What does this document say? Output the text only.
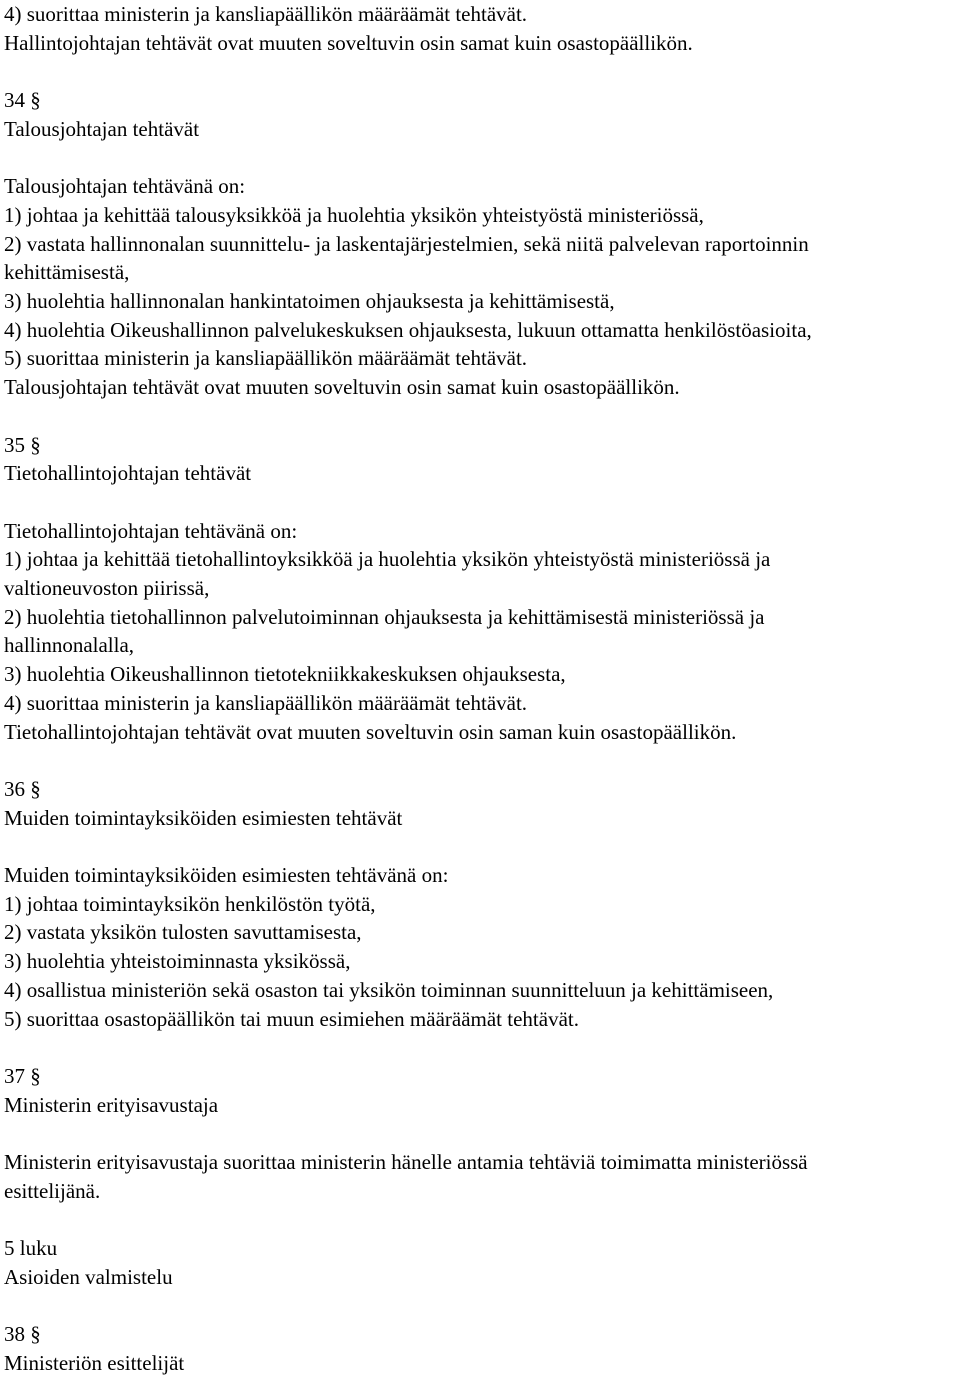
4) suorittaa ministerin ja kansliapäällikön määräämät tehtävät.
Hallintojohtajan tehtävät ovat muuten soveltuvin osin samat kuin osastopäällikön.
34 §
Talousjohtajan tehtävät
Talousjohtajan tehtävänä on:
1) johtaa ja kehittää talousyksikköä ja huolehtia yksikön yhteistyöstä ministeriössä,
2) vastata hallinnonalan suunnittelu- ja laskentajärjestelmien, sekä niitä palvelevan raportoinnin
kehittämisestä,
3) huolehtia hallinnonalan hankintatoimen ohjauksesta ja kehittämisestä,
4) huolehtia Oikeushallinnon palvelukeskuksen ohjauksesta, lukuun ottamatta henkilöstöasioita,
5) suorittaa ministerin ja kansliapäällikön määräämät tehtävät.
Talousjohtajan tehtävät ovat muuten soveltuvin osin samat kuin osastopäällikön.
35 §
Tietohallintojohtajan tehtävät
Tietohallintojohtajan tehtävänä on:
1) johtaa ja kehittää tietohallintoyksikköä ja huolehtia yksikön yhteistyöstä ministeriössä ja
valtioneuvoston piirissä,
2) huolehtia tietohallinnon palvelutoiminnan ohjauksesta ja kehittämisestä ministeriössä ja
hallinnonalalla,
3) huolehtia Oikeushallinnon tietotekniikkakeskuksen ohjauksesta,
4) suorittaa ministerin ja kansliapäällikön määräämät tehtävät.
Tietohallintojohtajan tehtävät ovat muuten soveltuvin osin saman kuin osastopäällikön.
36 §
Muiden toimintayksiköiden esimiesten tehtävät
Muiden toimintayksiköiden esimiesten tehtävänä on:
1) johtaa toimintayksikön henkilöstön työtä,
2) vastata yksikön tulosten savuttamisesta,
3) huolehtia yhteistoiminnasta yksikössä,
4) osallistua ministeriön sekä osaston tai yksikön toiminnan suunnitteluun ja kehittämiseen,
5) suorittaa osastopäällikön tai muun esimiehen määräämät tehtävät.
37 §
Ministerin erityisavustaja
Ministerin erityisavustaja suorittaa ministerin hänelle antamia tehtäviä toimimatta ministeriössä
esittelijänä.
5 luku
Asioiden valmistelu
38 §
Ministeriön esittelijät
